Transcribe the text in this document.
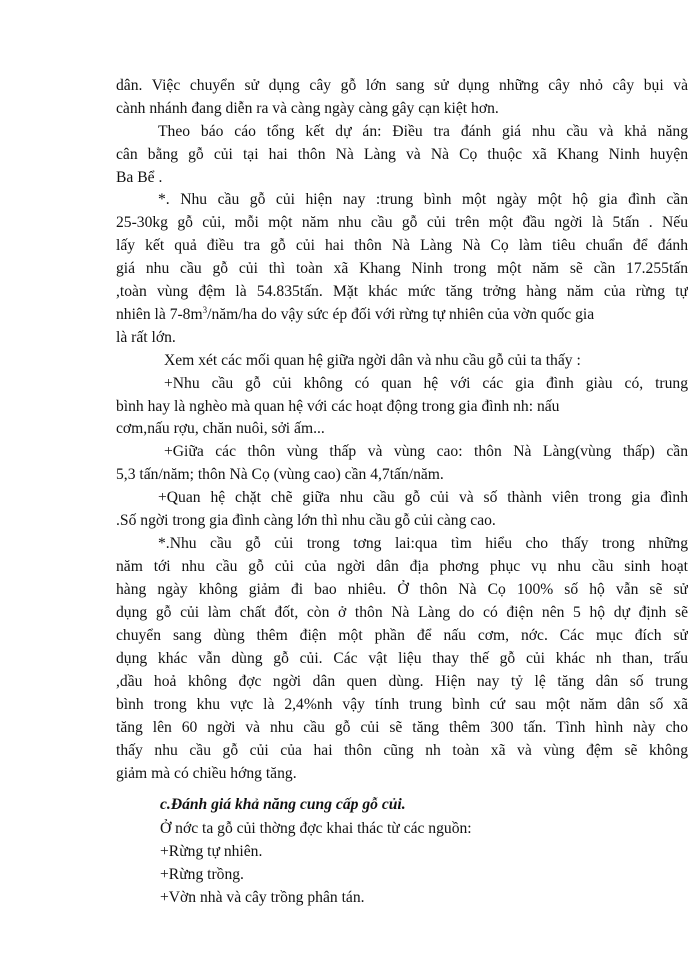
dân. Việc chuyển sử dụng cây gỗ lớn sang sử dụng những cây nhỏ cây bụi và
cành nhánh đang diễn ra và càng ngày càng gây cạn kiệt hơn.
Theo báo cáo tổng kết dự án: Điều tra đánh giá nhu cầu và khả năng
cân bằng gỗ củi tại hai thôn Nà Làng và Nà Cọ thuộc xã Khang Ninh huyện
Ba Bể .
*. Nhu cầu gỗ củi hiện nay :trung bình một ngày một hộ gia đình cần
25-30kg gỗ củi, mỗi một năm nhu cầu gỗ củi trên một đầu ngời là 5tấn . Nếu
lấy kết quả điều tra gỗ củi hai thôn Nà Làng Nà Cọ làm tiêu chuẩn để đánh
giá nhu cầu gỗ củi thì toàn xã Khang Ninh trong một năm sẽ cần 17.255tấn
,toàn vùng đệm là 54.835tấn. Mặt khác mức tăng trởng hàng năm của rừng tự
nhiên là $7-8m^3/năm/ha$ do vậy sức ép đối với rừng tự nhiên của vờn quốc gia
là rất lớn.
Xem xét các mối quan hệ giữa ngời dân và nhu cầu gỗ củi ta thấy :
+Nhu cầu gỗ củi không có quan hệ với các gia đình giàu có, trung
bình hay là nghèo mà quan hệ với các hoạt động trong gia đình nh: nấu
cơm,nấu rợu, chăn nuôi, sởi ấm...
+Giữa các thôn vùng thấp và vùng cao: thôn Nà Làng(vùng thấp) cần
5,3 tấn/năm; thôn Nà Cọ (vùng cao) cần 4,7tấn/năm.
+Quan hệ chặt chẽ giữa nhu cầu gỗ củi và số thành viên trong gia đình
.Số ngời trong gia đình càng lớn thì nhu cầu gỗ củi càng cao.
*.Nhu cầu gỗ củi trong tơng lai:qua tìm hiểu cho thấy trong những
năm tới nhu cầu gỗ củi của ngời dân địa phơng phục vụ nhu cầu sinh hoạt
hàng ngày không giảm đi bao nhiêu. Ở thôn Nà Cọ 100% số hộ vẫn sẽ sử
dụng gỗ củi làm chất đốt, còn ở thôn Nà Làng do có điện nên 5 hộ dự định sẽ
chuyển sang dùng thêm điện một phần để nấu cơm, nớc. Các mục đích sử
dụng khác vẫn dùng gỗ củi. Các vật liệu thay thế gỗ củi khác nh than, trấu
,dầu hoả không đợc ngời dân quen dùng. Hiện nay tỷ lệ tăng dân số trung
bình trong khu vực là 2,4%nh vậy tính trung bình cứ sau một năm dân số xã
tăng lên 60 ngời và nhu cầu gỗ củi sẽ tăng thêm 300 tấn. Tình hình này cho
thấy nhu cầu gỗ củi của hai thôn cũng nh toàn xã và vùng đệm sẽ không
giảm mà có chiều hớng tăng.
c.Đánh giá khả năng cung cấp gỗ củi.
Ở nớc ta gỗ củi thờng đợc khai thác từ các nguồn:
+Rừng tự nhiên.
+Rừng trồng.
+Vờn nhà và cây trồng phân tán.
